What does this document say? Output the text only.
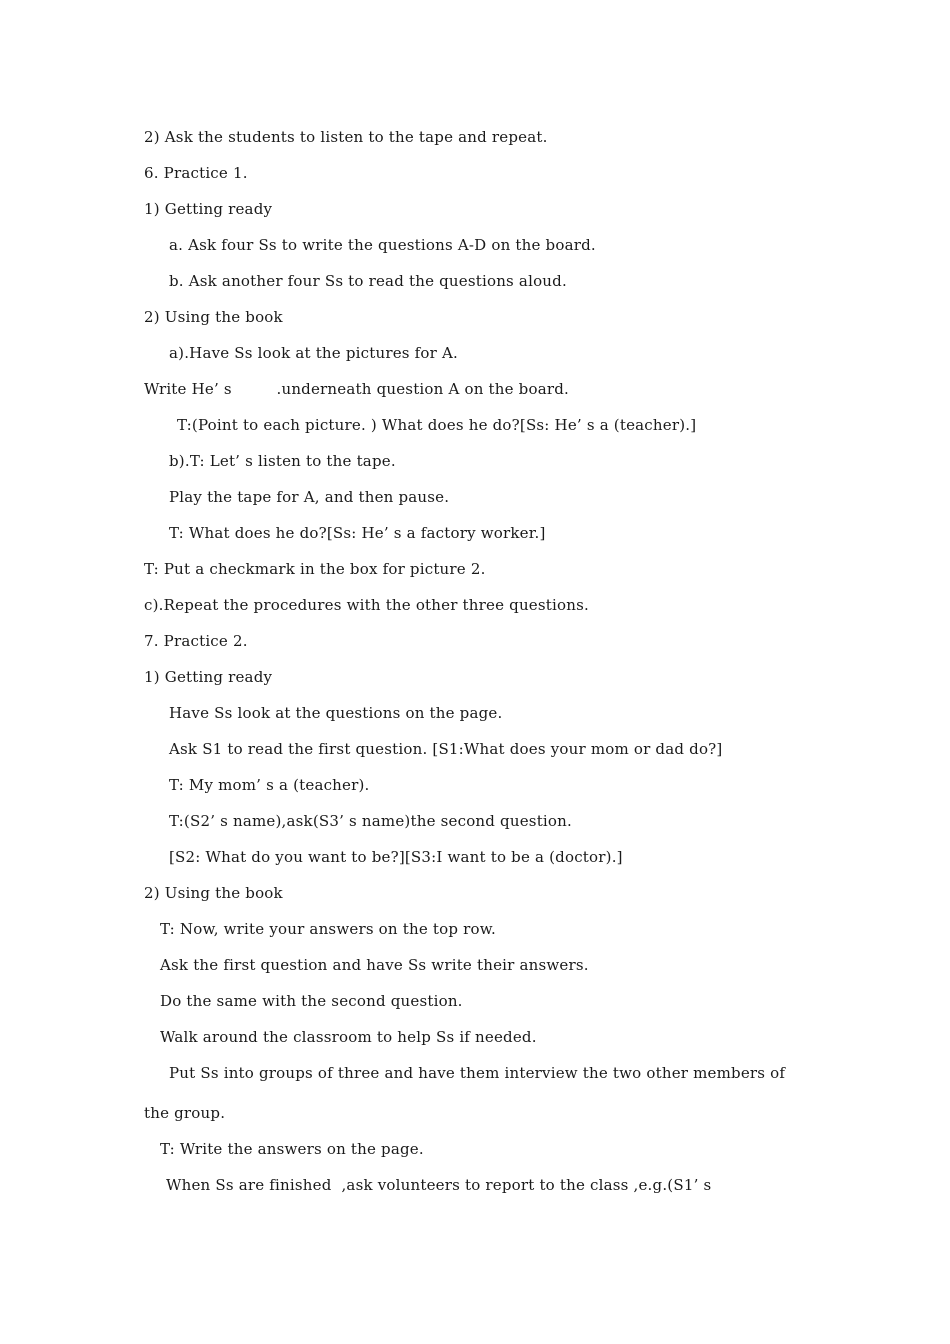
2) Ask the students to listen to the tape and repeat.
6. Practice 1.
1) Getting ready
a. Ask four Ss to write the questions A-D on the board.
b. Ask another four Ss to read the questions aloud.
2) Using the book
a).Have Ss look at the pictures for A.
Write He’ s         .underneath question A on the board.
T:(Point to each picture. ) What does he do?[Ss: He’ s a (teacher).]
b).T: Let’ s listen to the tape.
Play the tape for A, and then pause.
T: What does he do?[Ss: He’ s a factory worker.]
T: Put a checkmark in the box for picture 2.
c).Repeat the procedures with the other three questions.
7. Practice 2.
1) Getting ready
Have Ss look at the questions on the page.
Ask S1 to read the first question. [S1:What does your mom or dad do?]
T: My mom’ s a (teacher).
T:(S2’ s name),ask(S3’ s name)the second question.
[S2: What do you want to be?][S3:I want to be a (doctor).]
2) Using the book
T: Now, write your answers on the top row.
Ask the first question and have Ss write their answers.
Do the same with the second question.
Walk around the classroom to help Ss if needed.
Put Ss into groups of three and have them interview the two other members of
the group.
T: Write the answers on the page.
When Ss are finished  ,ask volunteers to report to the class ,e.g.(S1’ s
